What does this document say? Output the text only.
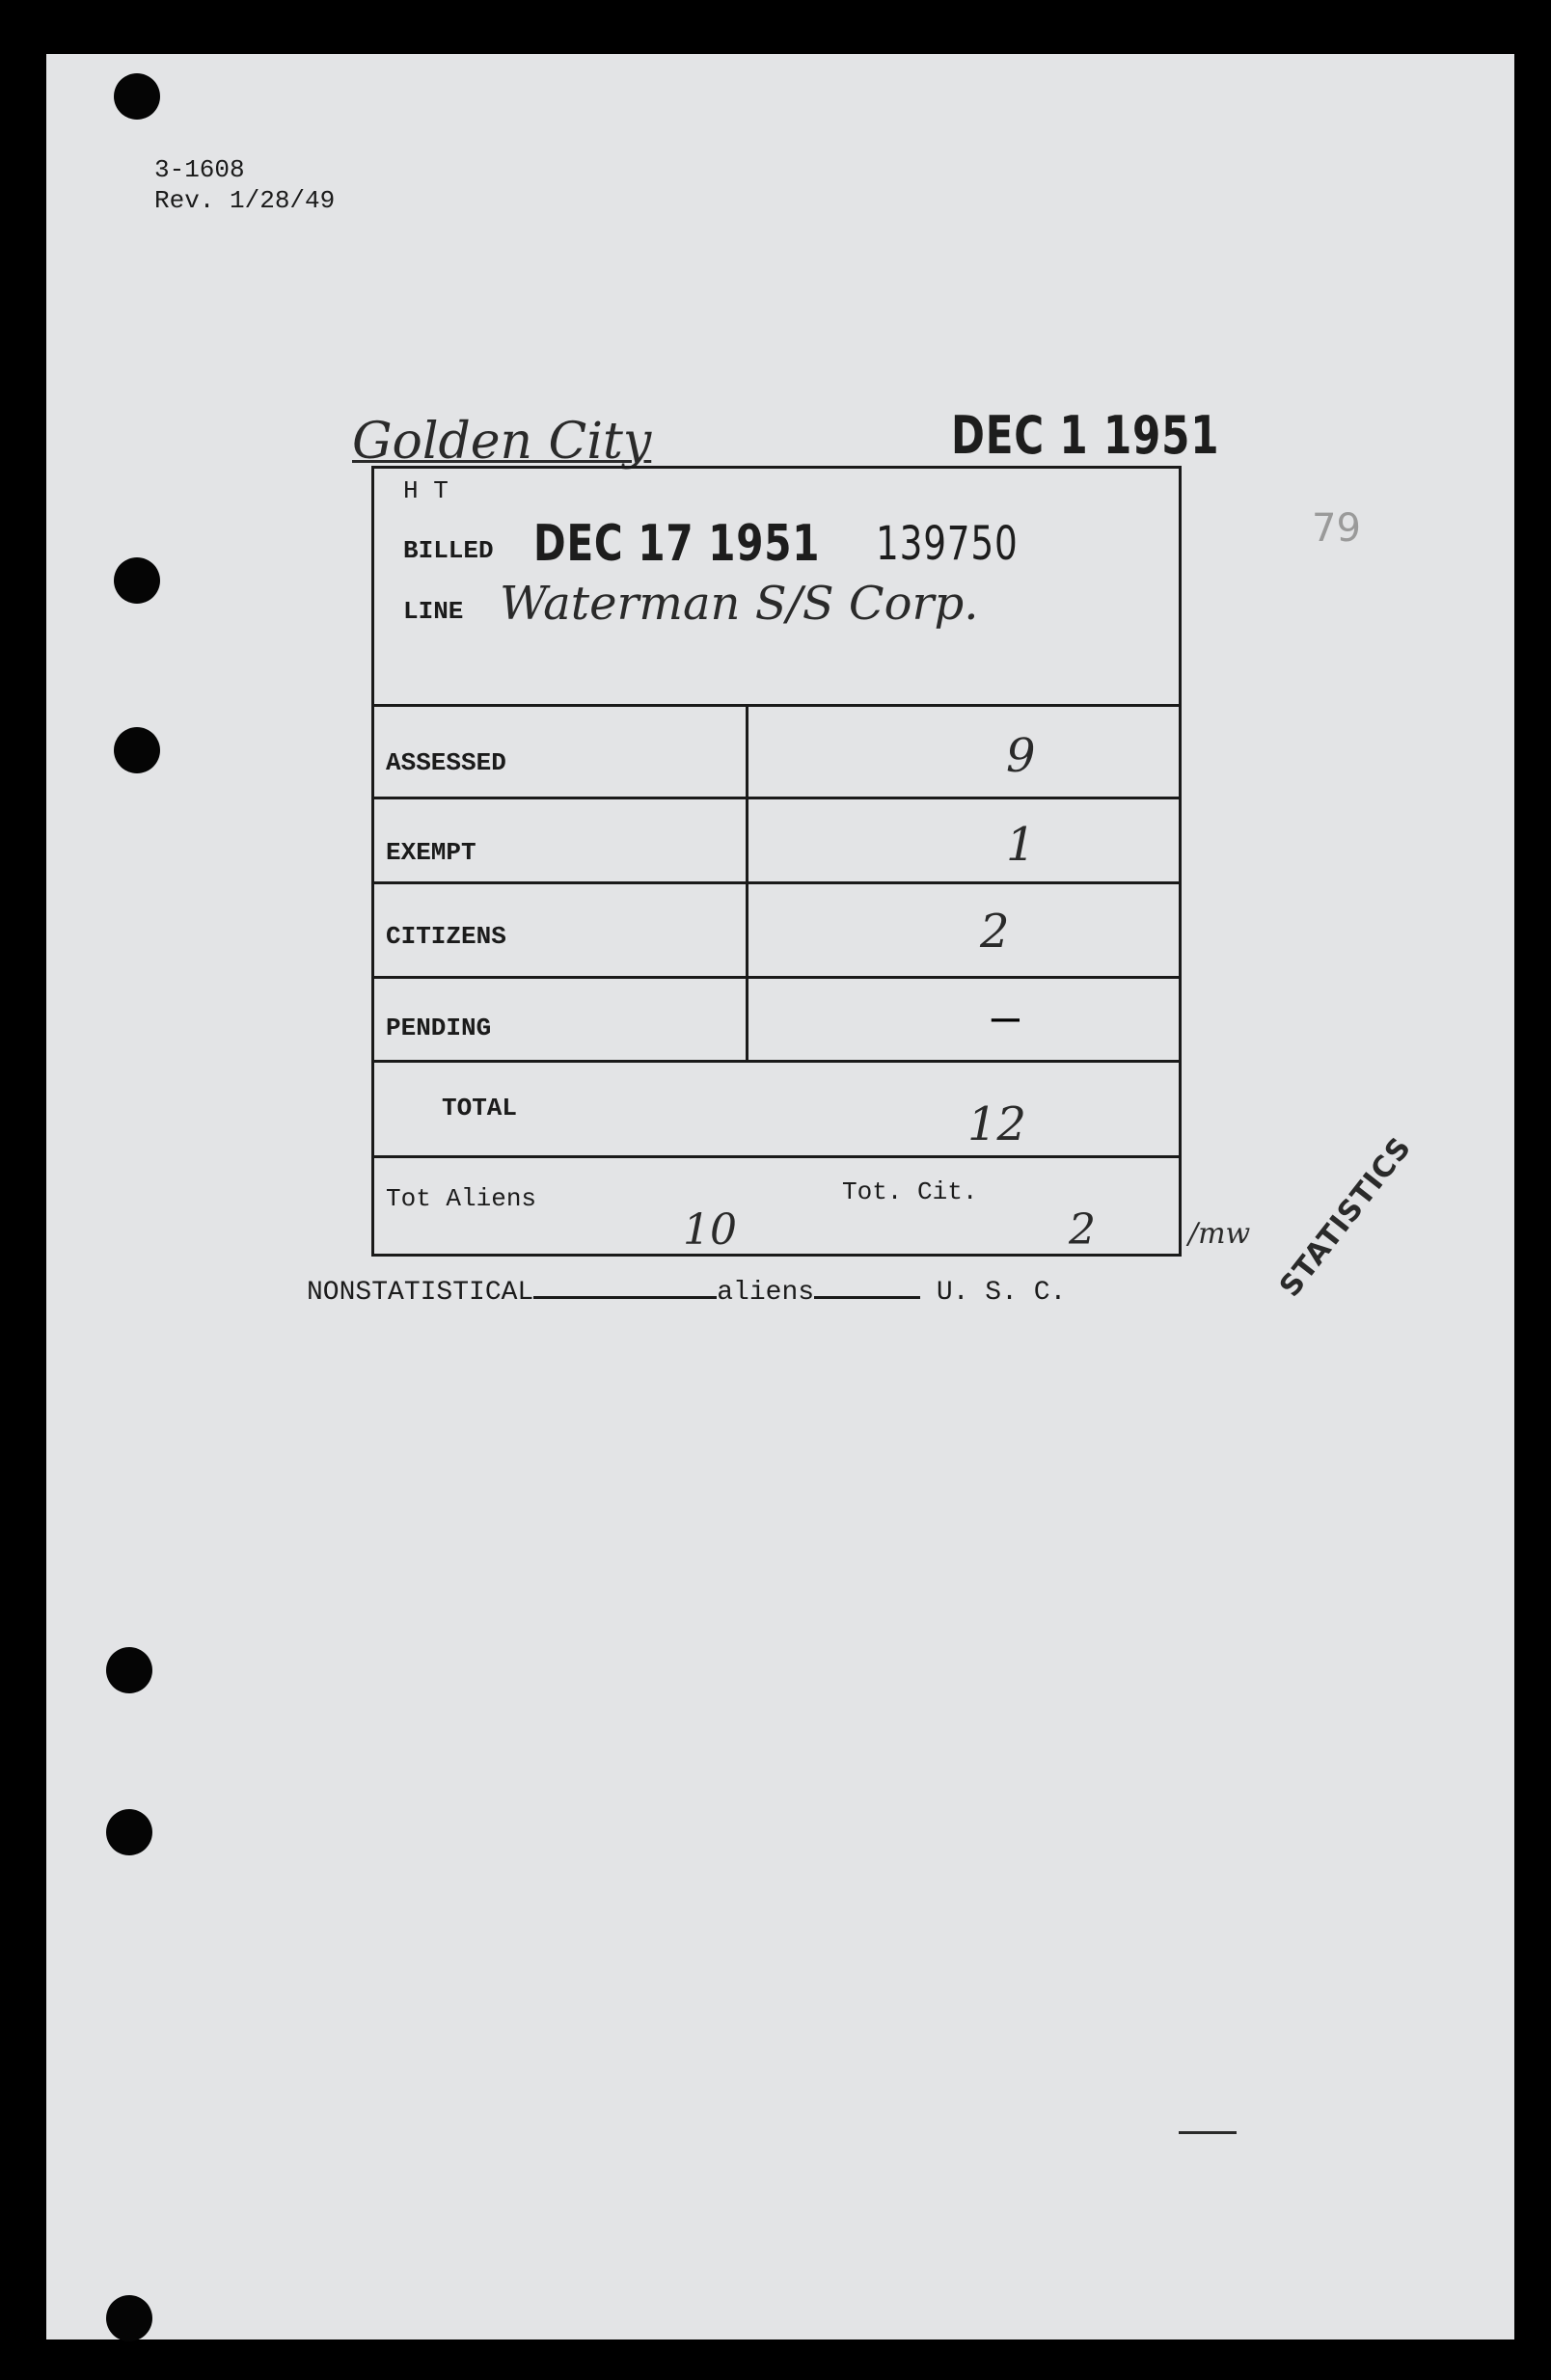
3-1608
Rev. 1/28/49
Golden City	DEC 1 1951
79
H T
BILLED DEC 17 1951 139750
LINE Waterman S/S Corp.
ASSESSED	9
EXEMPT	1
CITIZENS	2
PENDING	—
TOTAL	12
Tot Aliens	Tot. Cit.
10	2	/mw
NONSTATISTICAL	aliens	U. S. C.	STATISTICS
